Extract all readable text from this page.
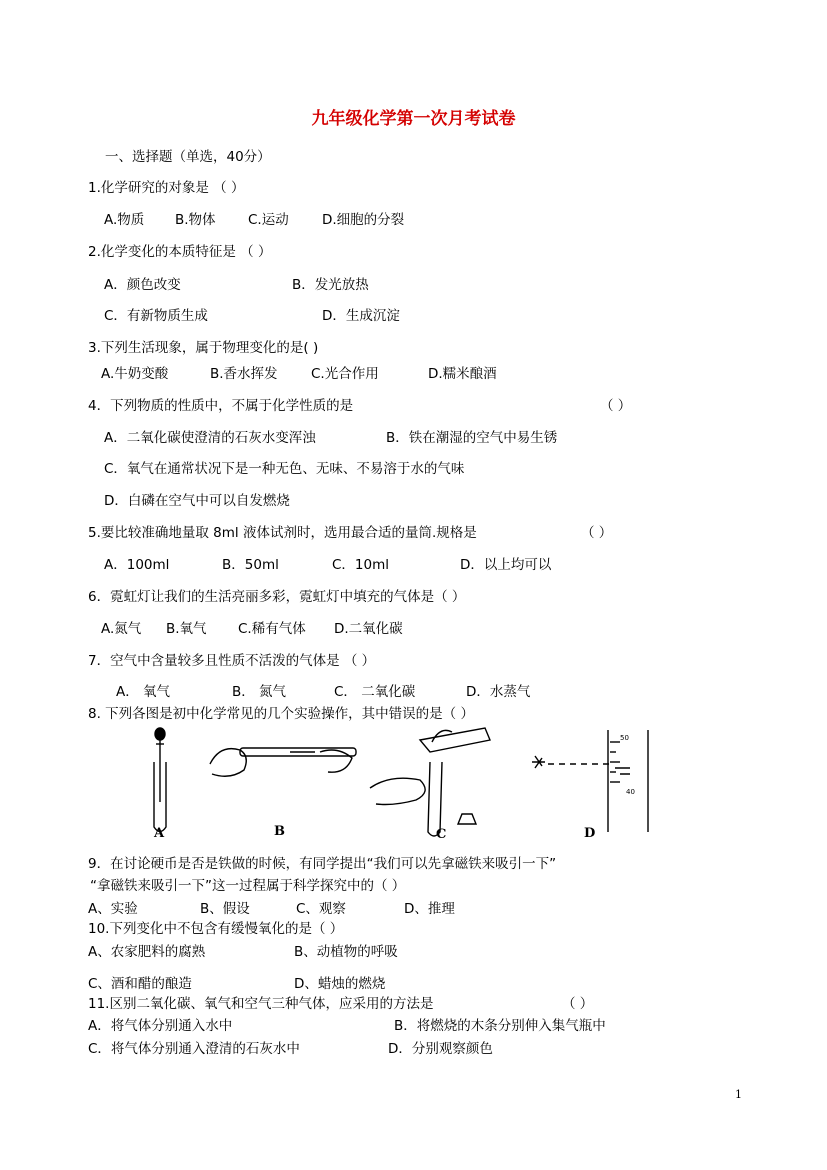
九年级化学第一次月考试卷
一、选择题（单选，40分）
1.化学研究的对象是 （ ）
A.物质 B.物体 C.运动 D.细胞的分裂
2.化学变化的本质特征是 （ ）
A．颜色改变	B．发光放热
C．有新物质生成	D．生成沉淀
3.下列生活现象，属于物理变化的是( )
A.牛奶变酸	B.香水挥发 C.光合作用	D.糯米酿酒
4．下列物质的性质中，不属于化学性质的是	（ ）
A．二氧化碳使澄清的石灰水变浑浊	B．铁在潮湿的空气中易生锈
C．氧气在通常状况下是一种无色、无味、不易溶于水的气味
D．白磷在空气中可以自发燃烧
5.要比较准确地量取 8ml 液体试剂时，选用最合适的量筒.规格是	（ ）
A．100ml	B．50ml	C．10ml	D．以上均可以
6．霓虹灯让我们的生活亮丽多彩，霓虹灯中填充的气体是（ ）
A.氮气 B.氧气 C.稀有气体 D.二氧化碳
7．空气中含量较多且性质不活泼的气体是 （ ）
A． 氧气	B． 氮气	C． 二氧化碳	D．水蒸气
8. 下列各图是初中化学常见的几个实验操作，其中错误的是（ ）
50
40
A	B	C	D
9．在讨论硬币是否是铁做的时候，有同学提出“我们可以先拿磁铁来吸引一下”
“拿磁铁来吸引一下”这一过程属于科学探究中的（ ）
A、实验	B、假设	C、观察	D、推理
10.下列变化中不包含有缓慢氧化的是（ ）
A、农家肥料的腐熟	B、动植物的呼吸
C、酒和醋的酿造	D、蜡烛的燃烧
11.区别二氧化碳、氧气和空气三种气体，应采用的方法是	（ ）
A．将气体分别通入水中	B．将燃烧的木条分别伸入集气瓶中
C．将气体分别通入澄清的石灰水中	D．分别观察颜色
1
